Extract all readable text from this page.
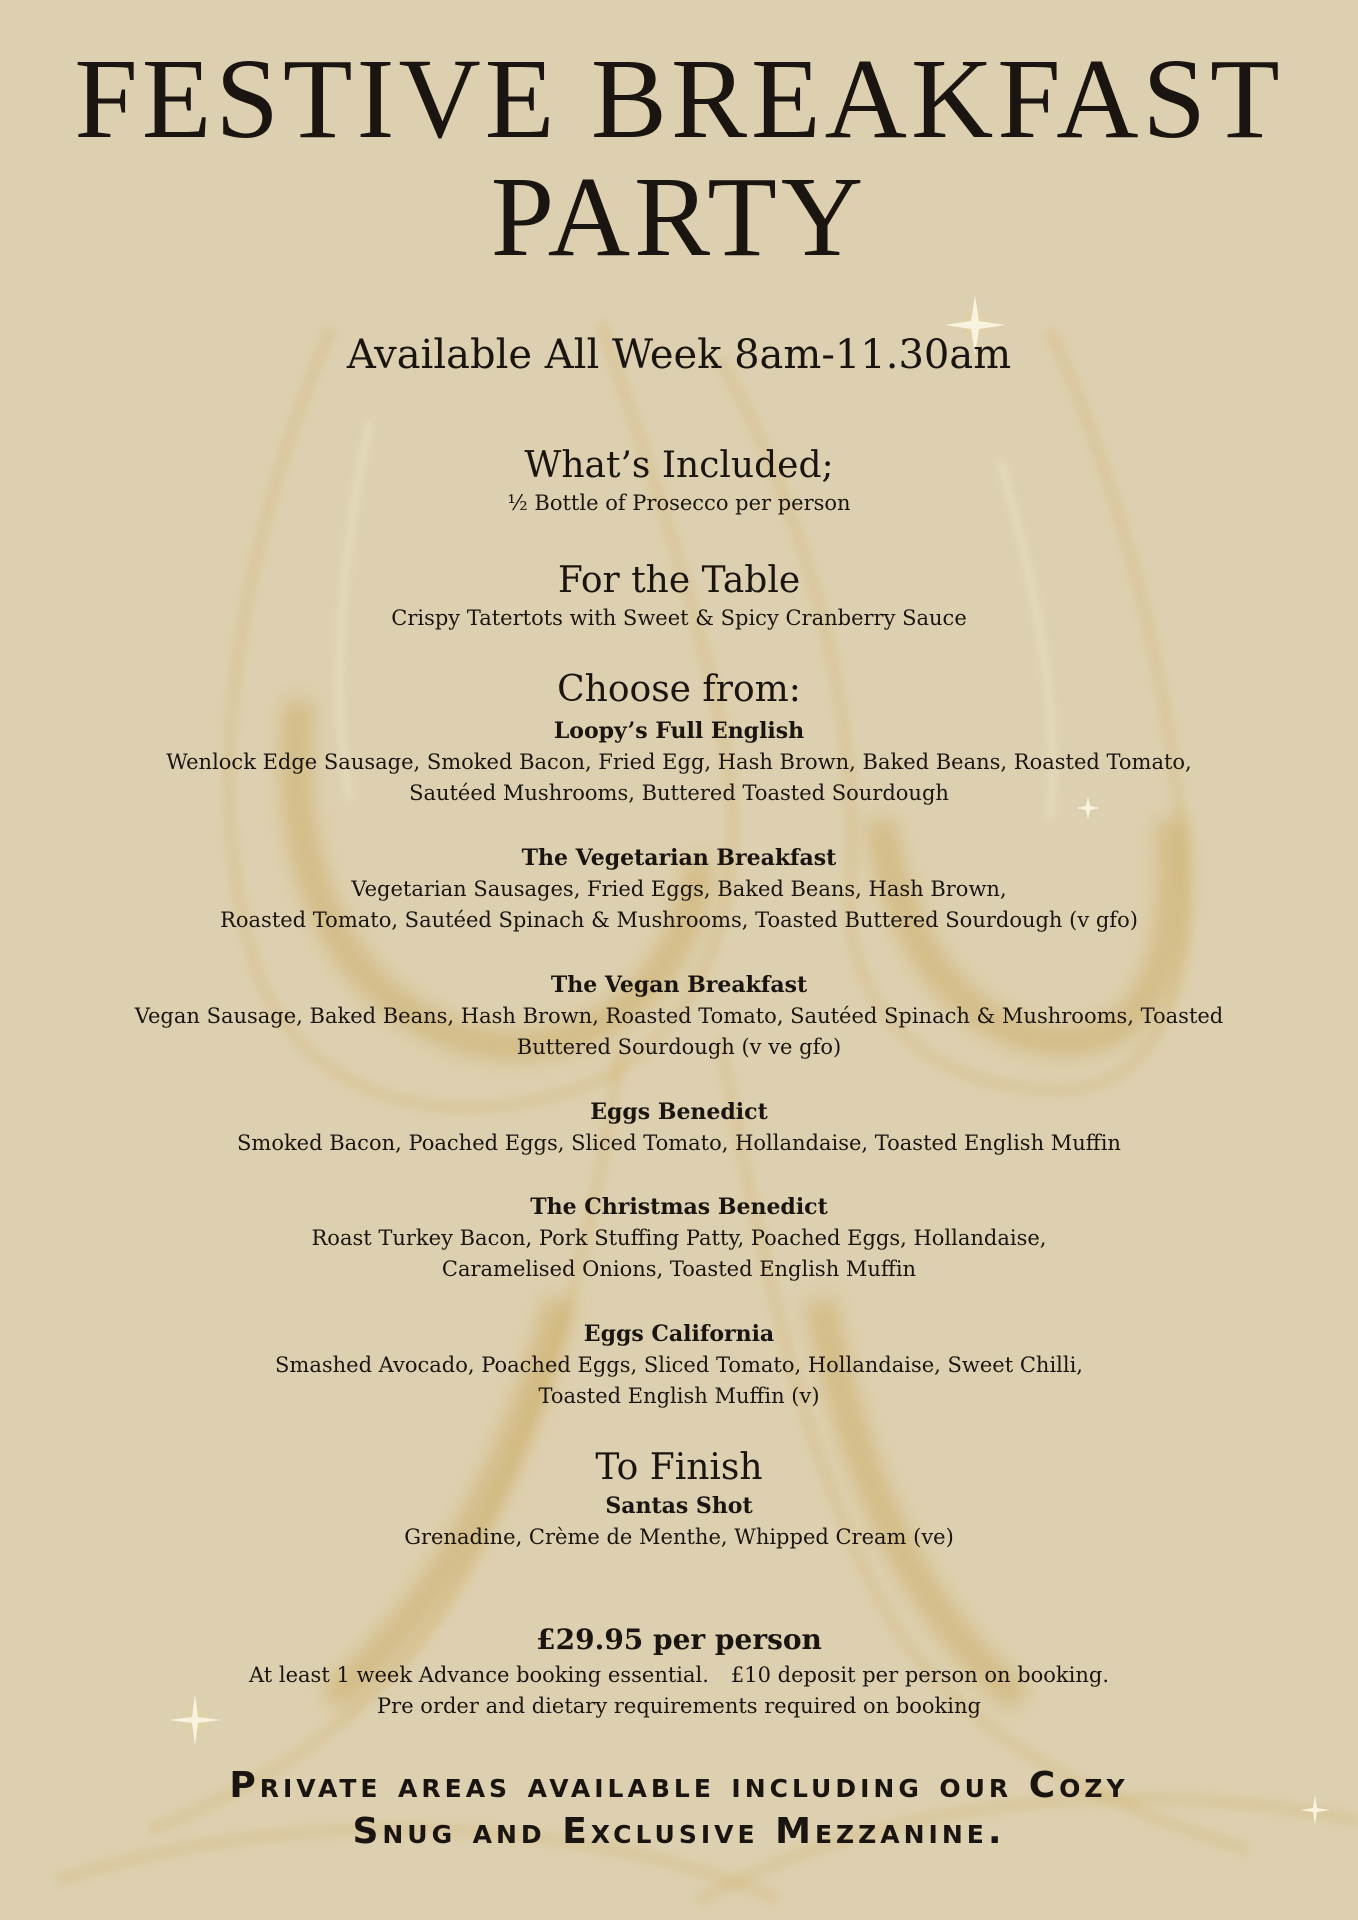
FESTIVE BREAKFAST
PARTY

Available All Week 8am-11.30am

What’s Included;

½ Bottle of Prosecco per person

For the Table

Crispy Tatertots with Sweet & Spicy Cranberry Sauce

Choose from:

Loopy’s Full English

Wenlock Edge Sausage, Smoked Bacon, Fried Egg, Hash Brown, Baked Beans, Roasted Tomato,

Sautéed Mushrooms, Buttered Toasted Sourdough

The Vegetarian Breakfast

Vegetarian Sausages, Fried Eggs, Baked Beans, Hash Brown,

Roasted Tomato, Sautéed Spinach & Mushrooms, Toasted Buttered Sourdough (v gfo)

The Vegan Breakfast

Vegan Sausage, Baked Beans, Hash Brown, Roasted Tomato, Sautéed Spinach & Mushrooms, Toasted

Buttered Sourdough (v ve gfo)

Eggs Benedict

Smoked Bacon, Poached Eggs, Sliced Tomato, Hollandaise, Toasted English Muffin

The Christmas Benedict

Roast Turkey Bacon, Pork Stuffing Patty, Poached Eggs, Hollandaise,

Caramelised Onions, Toasted English Muffin

Eggs California

Smashed Avocado, Poached Eggs, Sliced Tomato, Hollandaise, Sweet Chilli,

Toasted English Muffin (v)

To Finish

Santas Shot

Grenadine, Crème de Menthe, Whipped Cream (ve)

£29.95 per person

At least 1 week Advance booking essential. £10 deposit per person on booking.

Pre order and dietary requirements required on booking

Private areas available including our Cozy
Snug and Exclusive Mezzanine.
